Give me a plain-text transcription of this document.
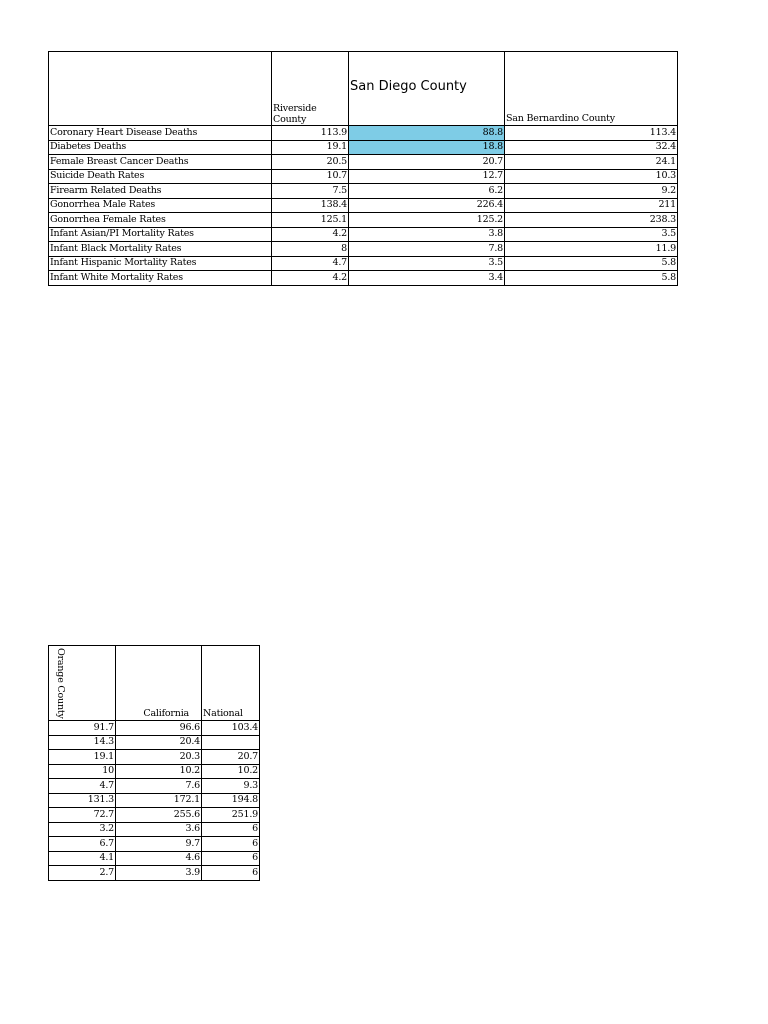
	Riverside County	San Diego County	San Bernardino County
Coronary Heart Disease Deaths	113.9	88.8	113.4
Diabetes Deaths	19.1	18.8	32.4
Female Breast Cancer Deaths	20.5	20.7	24.1
Suicide Death Rates	10.7	12.7	10.3
Firearm Related Deaths	7.5	6.2	9.2
Gonorrhea Male Rates	138.4	226.4	211
Gonorrhea Female Rates	125.1	125.2	238.3
Infant Asian/PI Mortality Rates	4.2	3.8	3.5
Infant Black Mortality Rates	8	7.8	11.9
Infant Hispanic Mortality Rates	4.7	3.5	5.8
Infant White Mortality Rates	4.2	3.4	5.8
Orange County	California	National
91.7	96.6	103.4
14.3	20.4	
19.1	20.3	20.7
10	10.2	10.2
4.7	7.6	9.3
131.3	172.1	194.8
72.7	255.6	251.9
3.2	3.6	6
6.7	9.7	6
4.1	4.6	6
2.7	3.9	6
